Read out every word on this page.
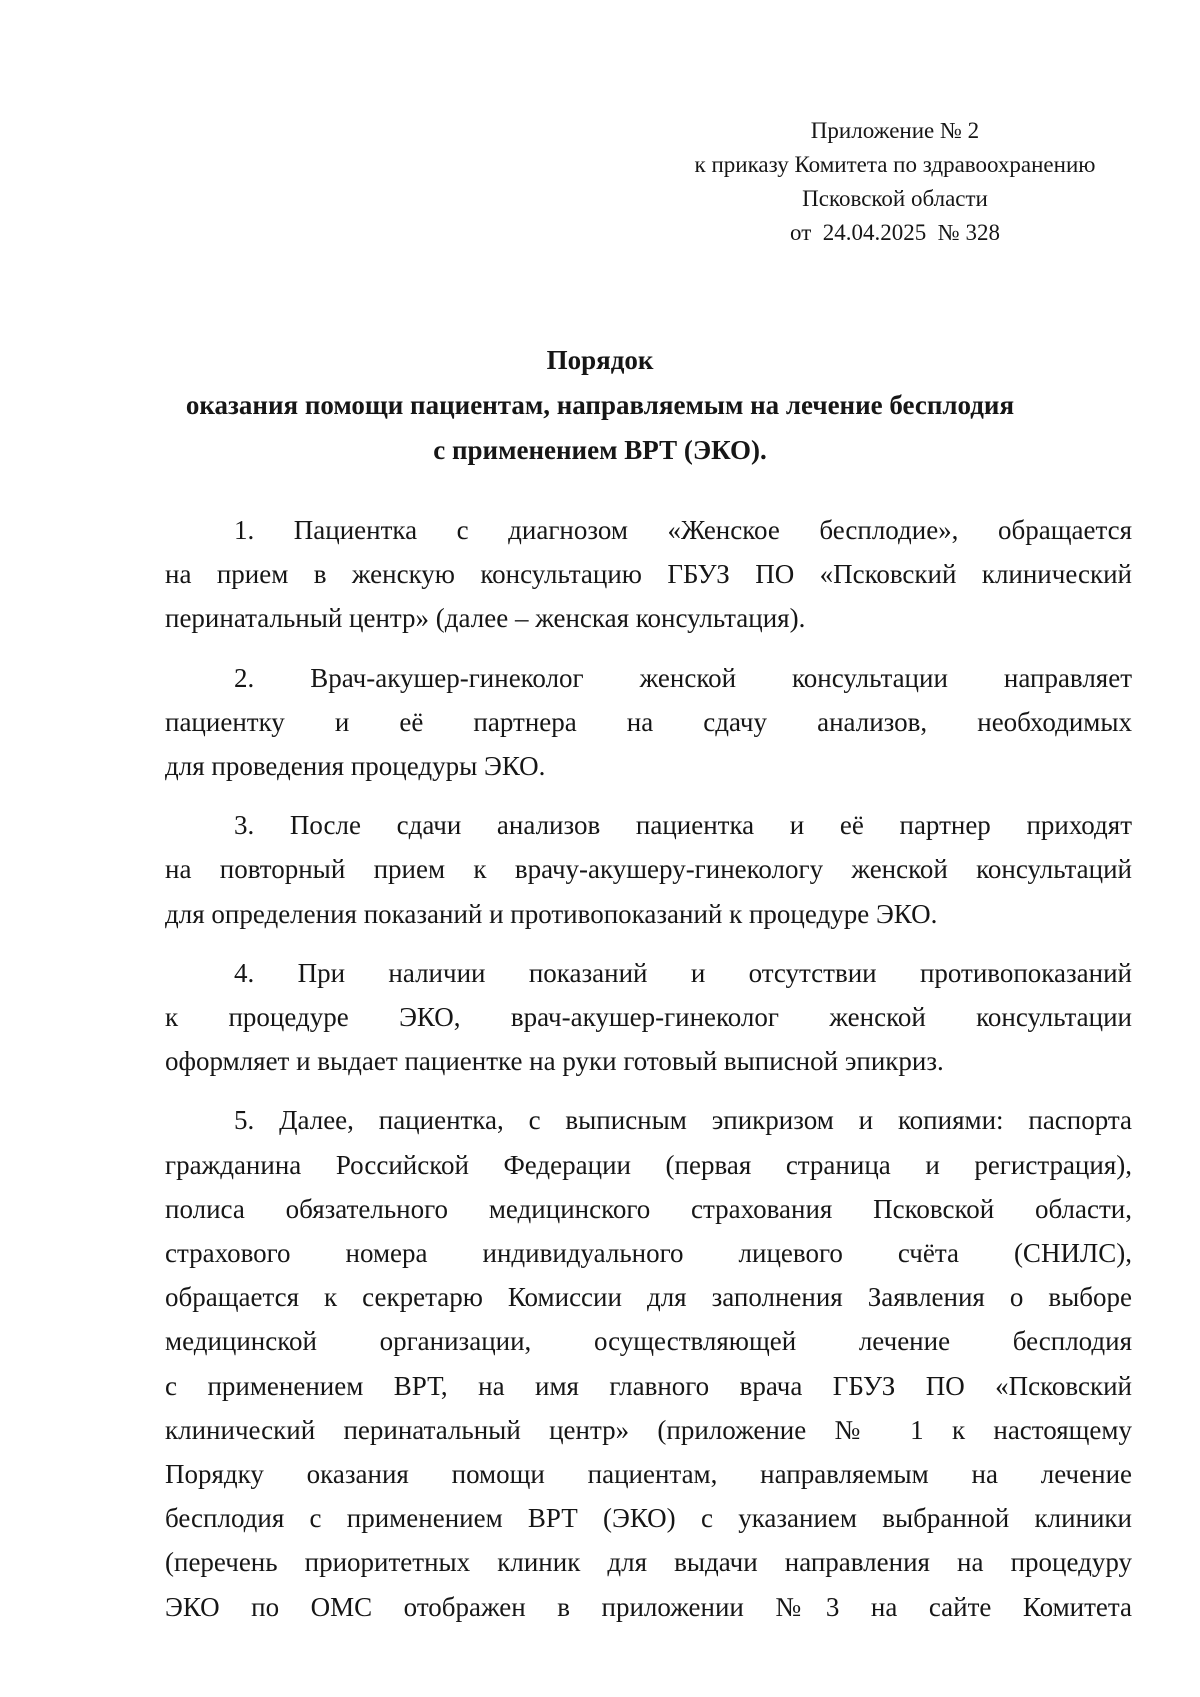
Приложение № 2
к приказу Комитета по здравоохранению
Псковской области
от  24.04.2025  № 328
Порядок
оказания помощи пациентам, направляемым на лечение бесплодия
с применением ВРТ (ЭКО).
1. Пациентка с диагнозом «Женское бесплодие», обращается
на прием в женскую консультацию ГБУЗ ПО «Псковский клинический
перинатальный центр» (далее – женская консультация).
2. Врач-акушер-гинеколог женской консультации направляет
пациентку и её партнера на сдачу анализов, необходимых
для проведения процедуры ЭКО.
3. После сдачи анализов пациентка и её партнер приходят
на повторный прием к врачу-акушеру-гинекологу женской консультаций
для определения показаний и противопоказаний к процедуре ЭКО.
4. При наличии показаний и отсутствии противопоказаний
к процедуре ЭКО, врач-акушер-гинеколог женской консультации
оформляет и выдает пациентке на руки готовый выписной эпикриз.
5. Далее, пациентка, с выписным эпикризом и копиями: паспорта
гражданина Российской Федерации (первая страница и регистрация),
полиса обязательного медицинского страхования Псковской области,
страхового номера индивидуального лицевого счёта (СНИЛС),
обращается к секретарю Комиссии для заполнения Заявления о выборе
медицинской организации, осуществляющей лечение бесплодия
с применением ВРТ, на имя главного врача ГБУЗ ПО «Псковский
клинический перинатальный центр» (приложение № 1 к настоящему
Порядку оказания помощи пациентам, направляемым на лечение
бесплодия с применением ВРТ (ЭКО) с указанием выбранной клиники
(перечень приоритетных клиник для выдачи направления на процедуру
ЭКО по ОМС отображен в приложении №3 на сайте Комитета
